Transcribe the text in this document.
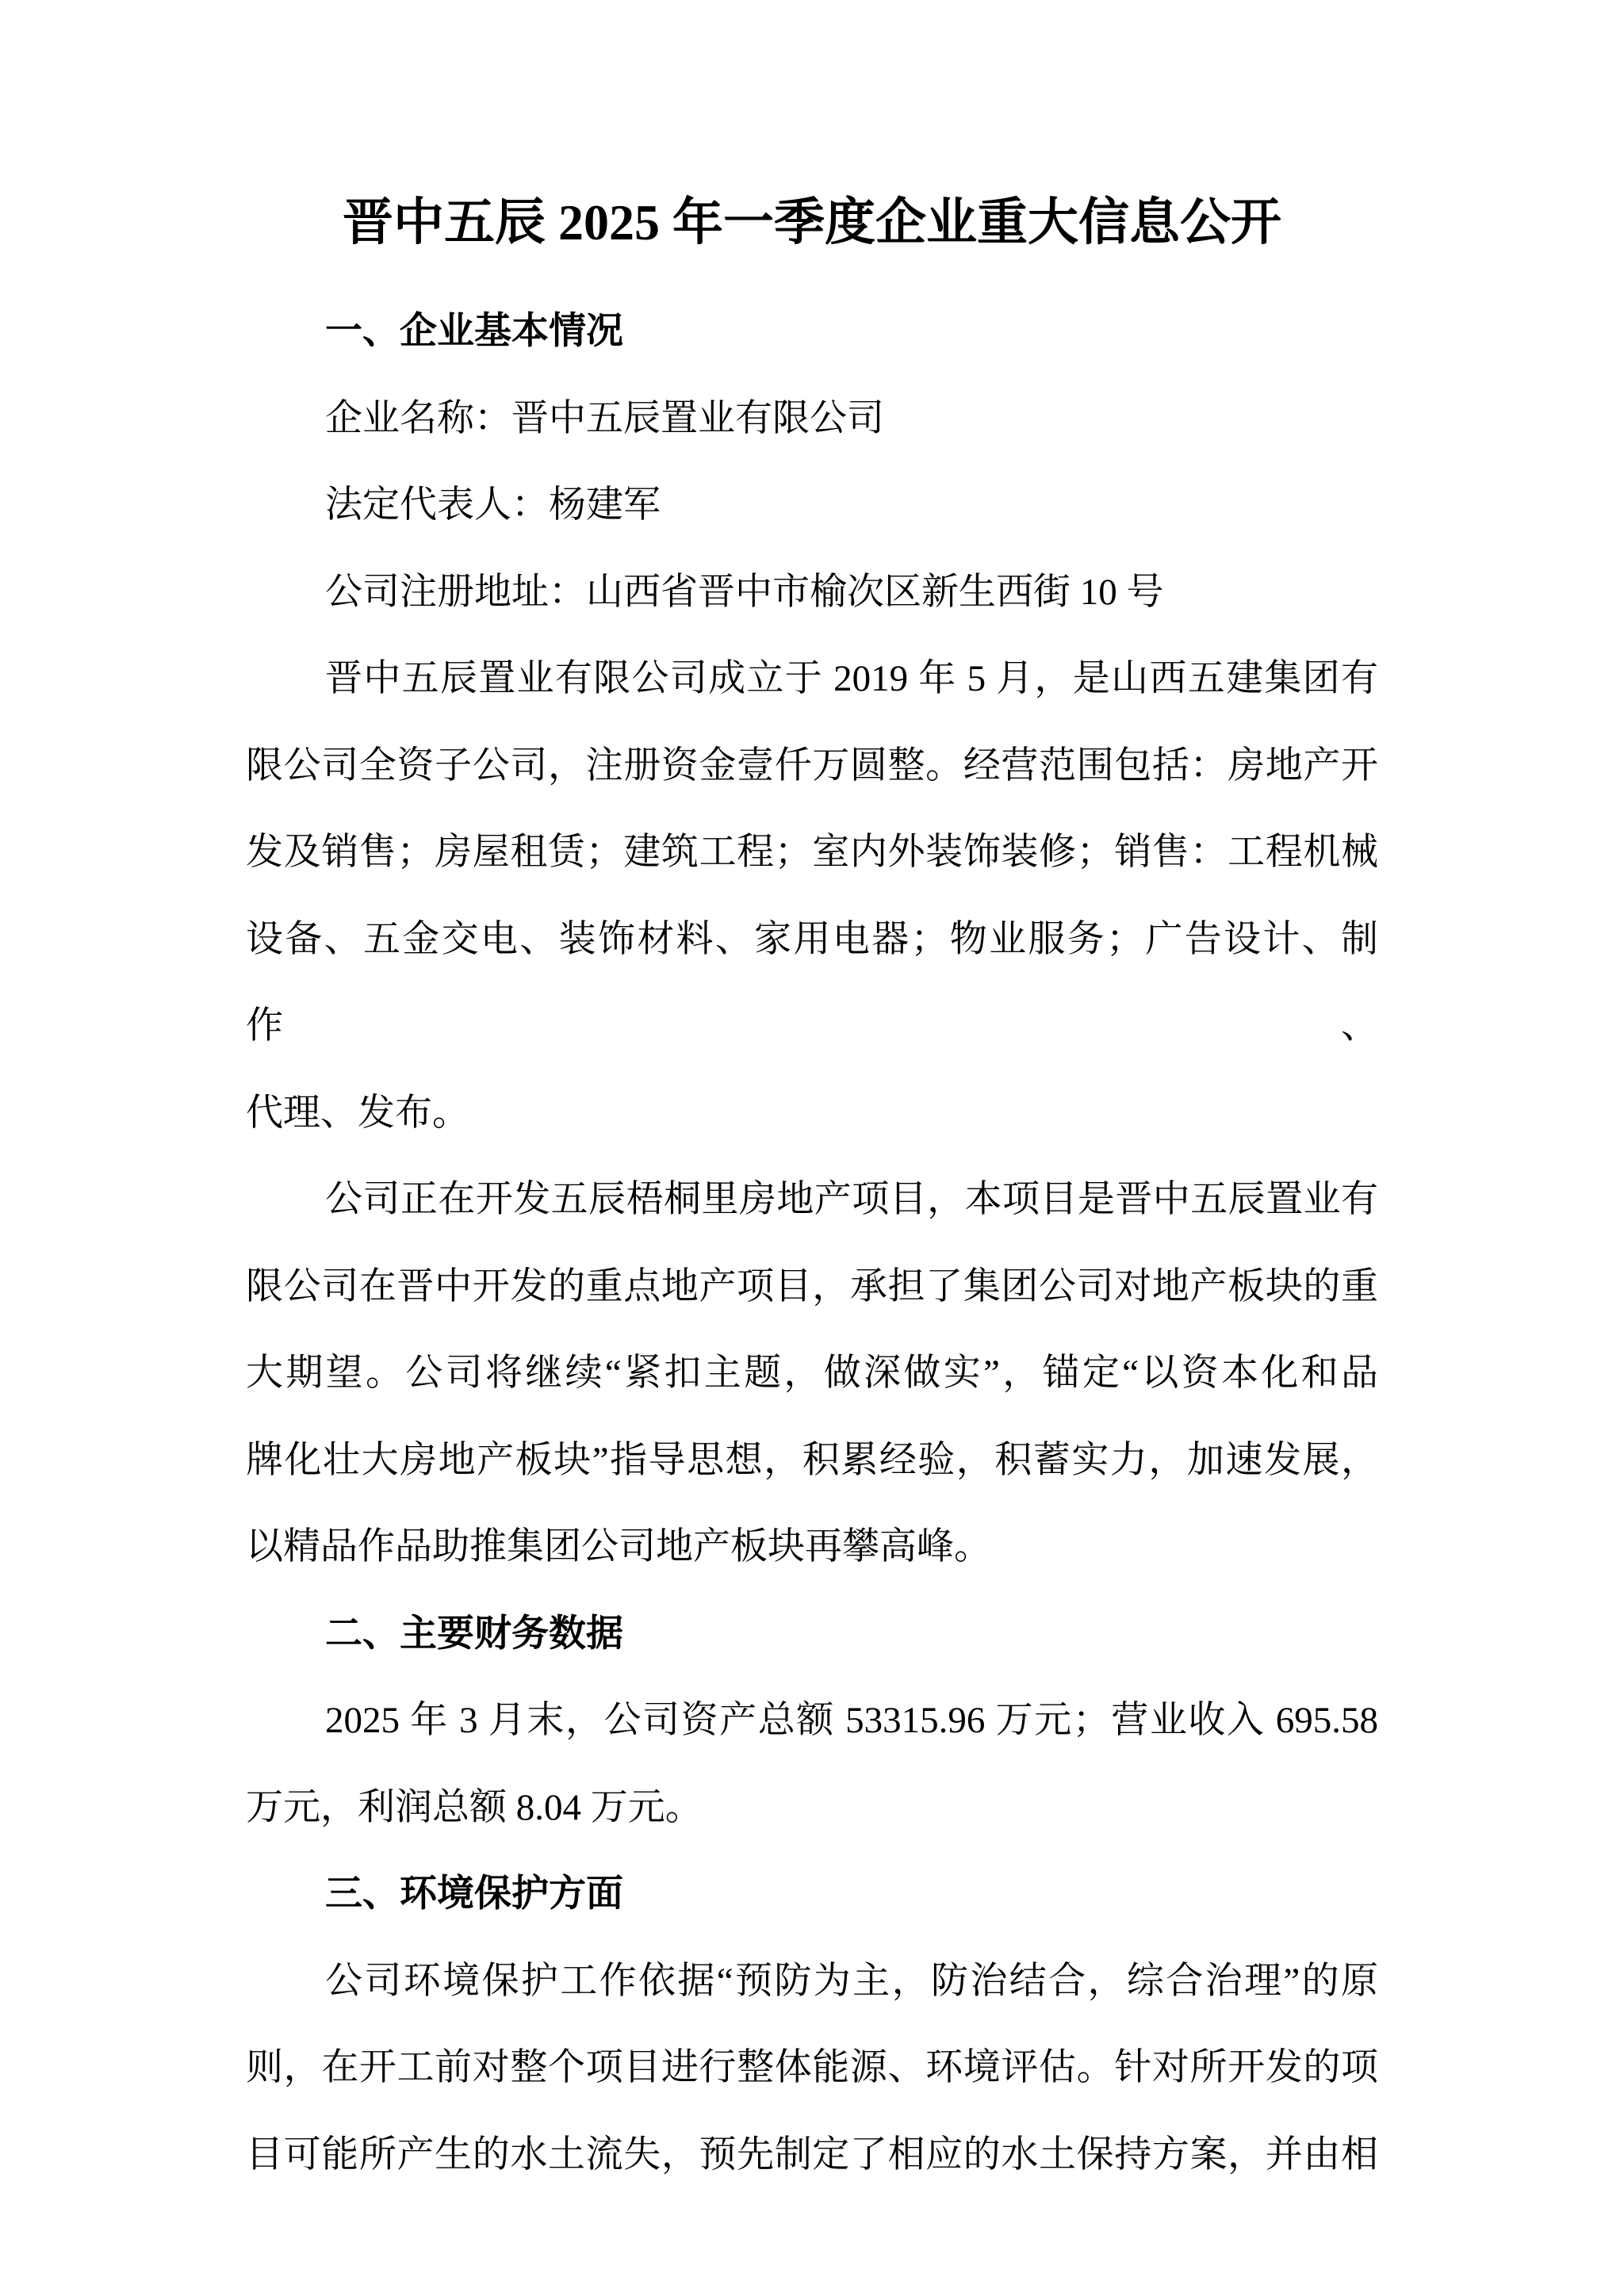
晋中五辰 2025 年一季度企业重大信息公开
一、企业基本情况
企业名称：晋中五辰置业有限公司
法定代表人：杨建军
公司注册地址：山西省晋中市榆次区新生西街 10 号
晋中五辰置业有限公司成立于 2019 年 5 月，是山西五建集团有
限公司全资子公司，注册资金壹仟万圆整。经营范围包括：房地产开
发及销售；房屋租赁；建筑工程；室内外装饰装修；销售：工程机械
设备、五金交电、装饰材料、家用电器；物业服务；广告设计、制作、
代理、发布。
公司正在开发五辰梧桐里房地产项目，本项目是晋中五辰置业有
限公司在晋中开发的重点地产项目，承担了集团公司对地产板块的重
大期望。公司将继续“紧扣主题，做深做实”，锚定“以资本化和品
牌化壮大房地产板块”指导思想，积累经验，积蓄实力，加速发展，
以精品作品助推集团公司地产板块再攀高峰。
二、主要财务数据
2025 年 3 月末，公司资产总额 53315.96 万元；营业收入 695.58
万元，利润总额 8.04 万元。
三、环境保护方面
公司环境保护工作依据“预防为主，防治结合，综合治理”的原
则，在开工前对整个项目进行整体能源、环境评估。针对所开发的项
目可能所产生的水土流失，预先制定了相应的水土保持方案，并由相
